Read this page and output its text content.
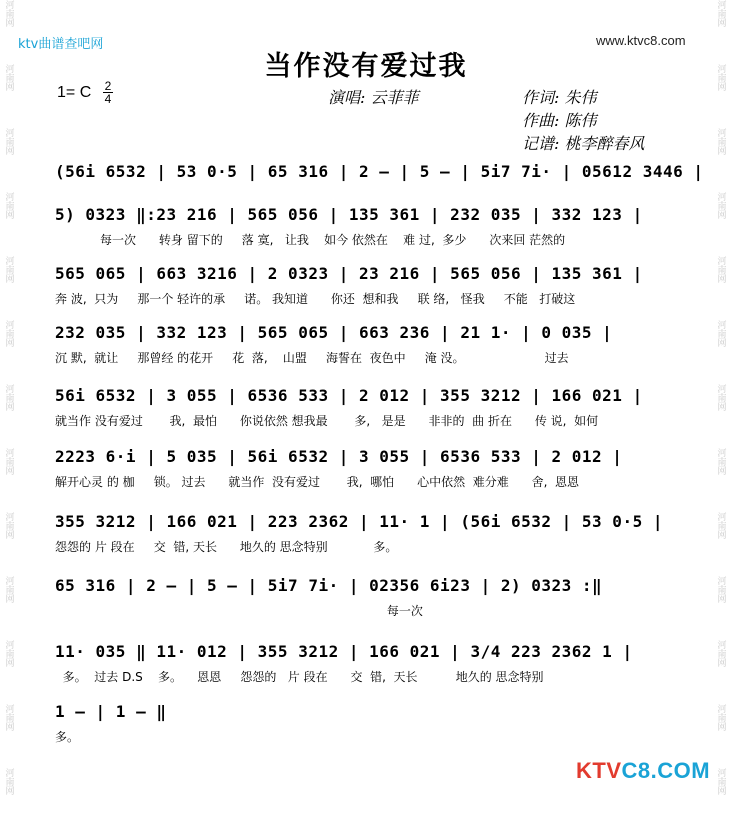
河
南
网
河
南
网
河
南
网
河
南
网
河
南
网
河
南
网
河
南
网
河
南
网
河
南
网
河
南
网
河
南
网
河
南
网
河
南
网
河
南
网
河
南
网
河
南
网
河
南
网
河
南
网
河
南
网
河
南
网
河
南
网
河
南
网
河
南
网
河
南
网
河
南
网
河
南
网
ktv曲谱查吧网	www.ktvc8.com
当作没有爱过我
1= C 2
4	演唱: 云菲菲	作词: 朱伟
作曲: 陈伟
记谱: 桃李醉春风
(56i 6532 | 53 0·5 | 65 316 | 2 – | 5 – | 5i7 7i· | 05612 3446 |
5) 0323 ‖:23 216 | 565 056 | 135 361 | 232 035 | 332 123 |
每一次      转身 留下的     落 寞,   让我    如今 依然在    难 过,  多少      次来回 茫然的
565 065 | 663 3216 | 2 0323 | 23 216 | 565 056 | 135 361 |
奔 波,  只为     那一个 轻许的承     诺。 我知道      你还  想和我     联 络,   怪我     不能   打破这
232 035 | 332 123 | 565 065 | 663 236 | 21 1· | 0 035 |
沉 默,  就让     那曾经 的花开     花  落,    山盟     海誓在  夜色中     淹 没。                     过去
56i 6532 | 3 055 | 6536 533 | 2 012 | 355 3212 | 166 021 |
就当作 没有爱过       我,  最怕      你说依然 想我最       多,   是是      非非的  曲 折在      传 说,  如何
2223 6·i | 5 035 | 56i 6532 | 3 055 | 6536 533 | 2 012 |
解开心灵 的 枷     锁。 过去      就当作  没有爱过       我,  哪怕      心中依然  难分难      舍,  恩恩
355 3212 | 166 021 | 223 2362 | 11· 1 | (56i 6532 | 53 0·5 |
怨怨的 片 段在     交  错, 天长      地久的 思念特别            多。
65 316 | 2 – | 5 – | 5i7 7i· | 02356 6i23 | 2) 0323 :‖
每一次
11· 035 ‖ 11· 012 | 355 3212 | 166 021 | 3/4 223 2362 1 |
多。  过去 D.S    多。    恩恩     怨怨的   片 段在      交  错,  天长          地久的 思念特别
1 – | 1 – ‖
多。
KTVC8.COM
